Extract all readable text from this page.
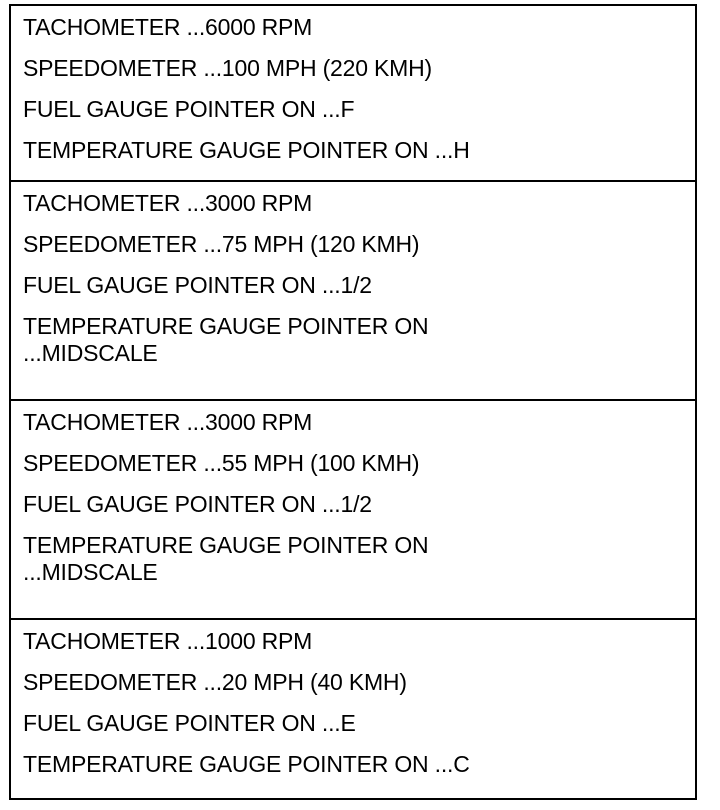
TACHOMETER ...6000 RPM
SPEEDOMETER ...100 MPH (220 KMH)
FUEL GAUGE POINTER ON ...F
TEMPERATURE GAUGE POINTER ON ...H
TACHOMETER ...3000 RPM
SPEEDOMETER ...75 MPH (120 KMH)
FUEL GAUGE POINTER ON ...1/2
TEMPERATURE GAUGE POINTER ON
...MIDSCALE
TACHOMETER ...3000 RPM
SPEEDOMETER ...55 MPH (100 KMH)
FUEL GAUGE POINTER ON ...1/2
TEMPERATURE GAUGE POINTER ON
...MIDSCALE
TACHOMETER ...1000 RPM
SPEEDOMETER ...20 MPH (40 KMH)
FUEL GAUGE POINTER ON ...E
TEMPERATURE GAUGE POINTER ON ...C
